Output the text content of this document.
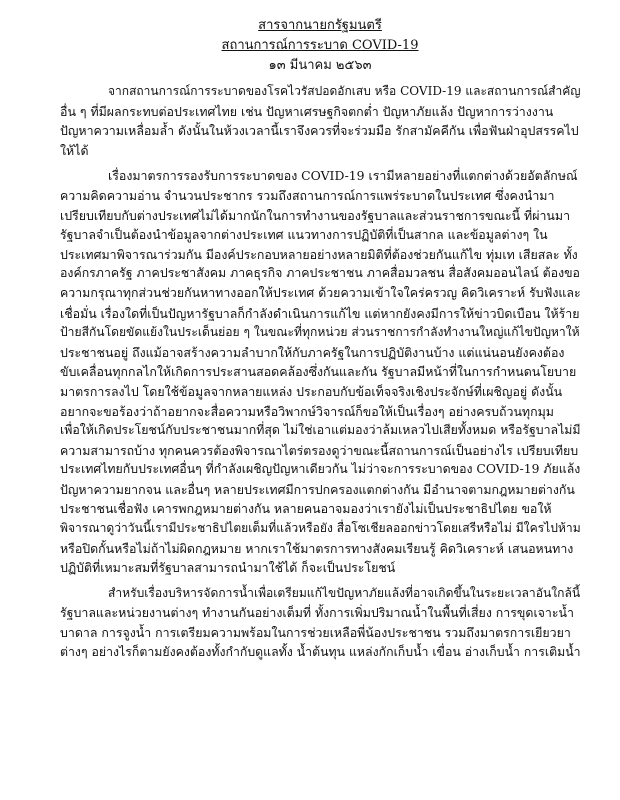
สารจากนายกรัฐมนตรี
สถานการณ์การระบาด COVID-19
๑๓ มีนาคม ๒๕๖๓
จากสถานการณ์การระบาดของโรคไวรัสปอดอักเสบ หรือ COVID-19 และสถานการณ์สำคัญ
อื่น ๆ ที่มีผลกระทบต่อประเทศไทย เช่น ปัญหาเศรษฐกิจตกต่ำ ปัญหาภัยแล้ง ปัญหาการว่างงาน
ปัญหาความเหลื่อมล้ำ ดังนั้นในห้วงเวลานี้เราจึงควรที่จะร่วมมือ รักสามัคคีกัน เพื่อฟันฝ่าอุปสรรคไป
ให้ได้
เรื่องมาตรการรองรับการระบาดของ COVID-19 เรามีหลายอย่างที่แตกต่างด้วยอัตลักษณ์
ความคิดความอ่าน จำนวนประชากร รวมถึงสถานการณ์การแพร่ระบาดในประเทศ ซึ่งคงนำมา
เปรียบเทียบกับต่างประเทศไม่ได้มากนักในการทำงานของรัฐบาลและส่วนราชการขณะนี้ ที่ผ่านมา
รัฐบาลจำเป็นต้องนำข้อมูลจากต่างประเทศ แนวทางการปฏิบัติที่เป็นสากล และข้อมูลต่างๆ ใน
ประเทศมาพิจารณาร่วมกัน มีองค์ประกอบหลายอย่างหลายมิติที่ต้องช่วยกันแก้ไข ทุ่มเท เสียสละ ทั้ง
องค์กรภาครัฐ ภาคประชาสังคม ภาคธุรกิจ ภาคประชาชน ภาคสื่อมวลชน สื่อสังคมออนไลน์ ต้องขอ
ความกรุณาทุกส่วนช่วยกันหาทางออกให้ประเทศ ด้วยความเข้าใจใคร่ครวญ คิดวิเคราะห์ รับฟังและ
เชื่อมั่น เรื่องใดที่เป็นปัญหารัฐบาลก็กำลังดำเนินการแก้ไข แต่หากยังคงมีการให้ข่าวบิดเบือน ให้ร้าย
ป้ายสีกันโดยขัดแย้งในประเด็นย่อย ๆ ในขณะที่ทุกหน่วย ส่วนราชการกำลังทำงานใหญ่แก้ไขปัญหาให้
ประชาชนอยู่ ถึงแม้อาจสร้างความลำบากให้กับภาครัฐในการปฏิบัติงานบ้าง แต่แน่นอนยังคงต้อง
ขับเคลื่อนทุกกลไกให้เกิดการประสานสอดคล้องซึ่งกันและกัน รัฐบาลมีหน้าที่ในการกำหนดนโยบาย
มาตรการลงไป โดยใช้ข้อมูลจากหลายแหล่ง ประกอบกับข้อเท็จจริงเชิงประจักษ์ที่เผชิญอยู่ ดังนั้น
อยากจะขอร้องว่าถ้าอยากจะสื่อความหรือวิพากษ์วิจารณ์ก็ขอให้เป็นเรื่องๆ อย่างครบถ้วนทุกมุม
เพื่อให้เกิดประโยชน์กับประชาชนมากที่สุด ไม่ใช่เอาแต่มองว่าล้มเหลวไปเสียทั้งหมด หรือรัฐบาลไม่มี
ความสามารถบ้าง ทุกคนควรต้องพิจารณาไตร่ตรองดูว่าขณะนี้สถานการณ์เป็นอย่างไร เปรียบเทียบ
ประเทศไทยกับประเทศอื่นๆ ที่กำลังเผชิญปัญหาเดียวกัน ไม่ว่าจะการระบาดของ COVID-19 ภัยแล้ง
ปัญหาความยากจน และอื่นๆ หลายประเทศมีการปกครองแตกต่างกัน มีอำนาจตามกฎหมายต่างกัน
ประชาชนเชื่อฟัง เคารพกฎหมายต่างกัน หลายคนอาจมองว่าเรายังไม่เป็นประชาธิปไตย ขอให้
พิจารณาดูว่าวันนี้เรามีประชาธิปไตยเต็มที่แล้วหรือยัง สื่อโซเชียลออกข่าวโดยเสรีหรือไม่ มีใครไปห้าม
หรือปิดกั้นหรือไม่ถ้าไม่ผิดกฎหมาย หากเราใช้มาตรการทางสังคมเรียนรู้ คิดวิเคราะห์ เสนอหนทาง
ปฏิบัติที่เหมาะสมที่รัฐบาลสามารถนำมาใช้ได้ ก็จะเป็นประโยชน์
สำหรับเรื่องบริหารจัดการน้ำเพื่อเตรียมแก้ไขปัญหาภัยแล้งที่อาจเกิดขึ้นในระยะเวลาอันใกล้นี้
รัฐบาลและหน่วยงานต่างๆ ทำงานกันอย่างเต็มที่ ทั้งการเพิ่มปริมาณน้ำในพื้นที่เสี่ยง การขุดเจาะน้ำ
บาดาล การจูงน้ำ การเตรียมความพร้อมในการช่วยเหลือพี่น้องประชาชน รวมถึงมาตรการเยียวยา
ต่างๆ อย่างไรก็ตามยังคงต้องทั้งกำกับดูแลทั้ง น้ำต้นทุน แหล่งกักเก็บน้ำ เขื่อน อ่างเก็บน้ำ การเติมน้ำ
